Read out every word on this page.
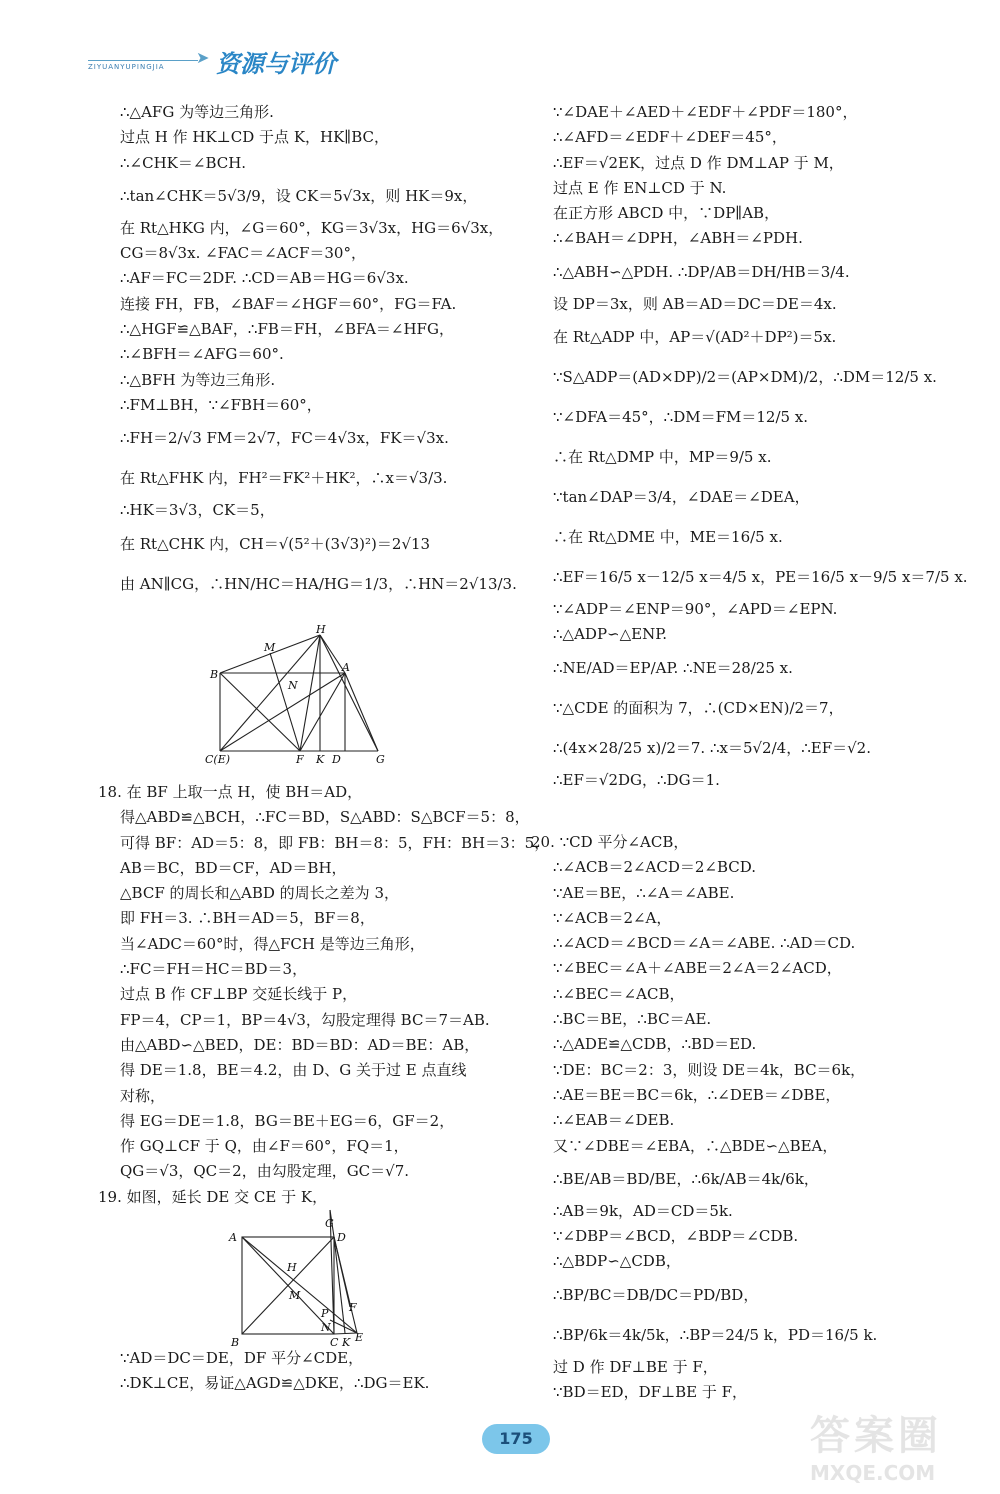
ZIYUANYUPINGJIA	➤ 资源与评价
∴△AFG 为等边三角形.
过点 H 作 HK⊥CD 于点 K，HK∥BC，
∴∠CHK＝∠BCH.
∴tan∠CHK＝5√3/9，设 CK＝5√3x，则 HK＝9x，
在 Rt△HKG 内，∠G＝60°，KG＝3√3x，HG＝6√3x，
CG＝8√3x. ∠FAC＝∠ACF＝30°，
∴AF＝FC＝2DF. ∴CD＝AB＝HG＝6√3x.
连接 FH，FB，∠BAF＝∠HGF＝60°，FG＝FA.
∴△HGF≌△BAF，∴FB＝FH，∠BFA＝∠HFG，
∴∠BFH＝∠AFG＝60°.
∴△BFH 为等边三角形.
∴FM⊥BH，∵∠FBH＝60°，
∴FH＝2/√3 FM＝2√7，FC＝4√3x，FK＝√3x.
在 Rt△FHK 内，FH²＝FK²＋HK²，∴x＝√3/3.
∴HK＝3√3，CK＝5，
在 Rt△CHK 内，CH＝√(5²＋(3√3)²)＝2√13
由 AN∥CG，∴HN/HC＝HA/HG＝1/3，∴HN＝2√13/3.
H
M
A
B
N
C(E)	F K D	G
18. 在 BF 上取一点 H，使 BH＝AD，
得△ABD≌△BCH，∴FC＝BD，S△ABD：S△BCF＝5：8，
可得 BF：AD＝5：8，即 FB：BH＝8：5，FH：BH＝3：5，
AB＝BC，BD＝CF，AD＝BH，
△BCF 的周长和△ABD 的周长之差为 3，
即 FH＝3. ∴BH＝AD＝5，BF＝8，
当∠ADC＝60°时，得△FCH 是等边三角形，
∴FC＝FH＝HC＝BD＝3，
过点 B 作 CF⊥BP 交延长线于 P，
FP＝4，CP＝1，BP＝4√3，勾股定理得 BC＝7＝AB.
由△ABD∽△BED，DE：BD＝BD：AD＝BE：AB，
得 DE＝1.8，BE＝4.2，由 D、G 关于过 E 点直线
对称，
得 EG＝DE＝1.8，BG＝BE＋EG＝6，GF＝2，
作 GQ⊥CF 于 Q，由∠F＝60°，FQ＝1，
QG＝√3，QC＝2，由勾股定理，GC＝√7.
19. 如图，延长 DE 交 CE 于 K，
G
A	D
H
M
P F
N
B	C K E
∵AD＝DC＝DE，DF 平分∠CDE，
∴DK⊥CE，易证△AGD≌△DKE，∴DG＝EK.
∵∠DAE＋∠AED＋∠EDF＋∠PDF＝180°，
∴∠AFD＝∠EDF＋∠DEF＝45°，
∴EF＝√2EK，过点 D 作 DM⊥AP 于 M，
过点 E 作 EN⊥CD 于 N.
在正方形 ABCD 中，∵DP∥AB，
∴∠BAH＝∠DPH，∠ABH＝∠PDH.
∴△ABH∽△PDH. ∴DP/AB＝DH/HB＝3/4.
设 DP＝3x，则 AB＝AD＝DC＝DE＝4x.
在 Rt△ADP 中，AP＝√(AD²＋DP²)＝5x.
∵S△ADP＝(AD×DP)/2＝(AP×DM)/2，∴DM＝12/5 x.
∵∠DFA＝45°，∴DM＝FM＝12/5 x.
∴在 Rt△DMP 中，MP＝9/5 x.
∵tan∠DAP＝3/4，∠DAE＝∠DEA，
∴在 Rt△DME 中，ME＝16/5 x.
∴EF＝16/5 x－12/5 x＝4/5 x，PE＝16/5 x－9/5 x＝7/5 x.
∵∠ADP＝∠ENP＝90°，∠APD＝∠EPN.
∴△ADP∽△ENP.
∴NE/AD＝EP/AP. ∴NE＝28/25 x.
∵△CDE 的面积为 7，∴(CD×EN)/2＝7，
∴(4x×28/25 x)/2＝7. ∴x＝5√2/4，∴EF＝√2.
∴EF＝√2DG，∴DG＝1.
20. ∵CD 平分∠ACB，
∴∠ACB＝2∠ACD＝2∠BCD.
∵AE＝BE，∴∠A＝∠ABE.
∵∠ACB＝2∠A，
∴∠ACD＝∠BCD＝∠A＝∠ABE. ∴AD＝CD.
∵∠BEC＝∠A＋∠ABE＝2∠A＝2∠ACD，
∴∠BEC＝∠ACB，
∴BC＝BE，∴BC＝AE.
∴△ADE≌△CDB，∴BD＝ED.
∵DE：BC＝2：3，则设 DE＝4k，BC＝6k，
∴AE＝BE＝BC＝6k，∴∠DEB＝∠DBE，
∴∠EAB＝∠DEB.
又∵∠DBE＝∠EBA，∴△BDE∽△BEA，
∴BE/AB＝BD/BE，∴6k/AB＝4k/6k，
∴AB＝9k，AD＝CD＝5k.
∵∠DBP＝∠BCD，∠BDP＝∠CDB.
∴△BDP∽△CDB，
∴BP/BC＝DB/DC＝PD/BD，
∴BP/6k＝4k/5k，∴BP＝24/5 k，PD＝16/5 k.
过 D 作 DF⊥BE 于 F，
∵BD＝ED，DF⊥BE 于 F，
175	答案圈
MXQE.COM
